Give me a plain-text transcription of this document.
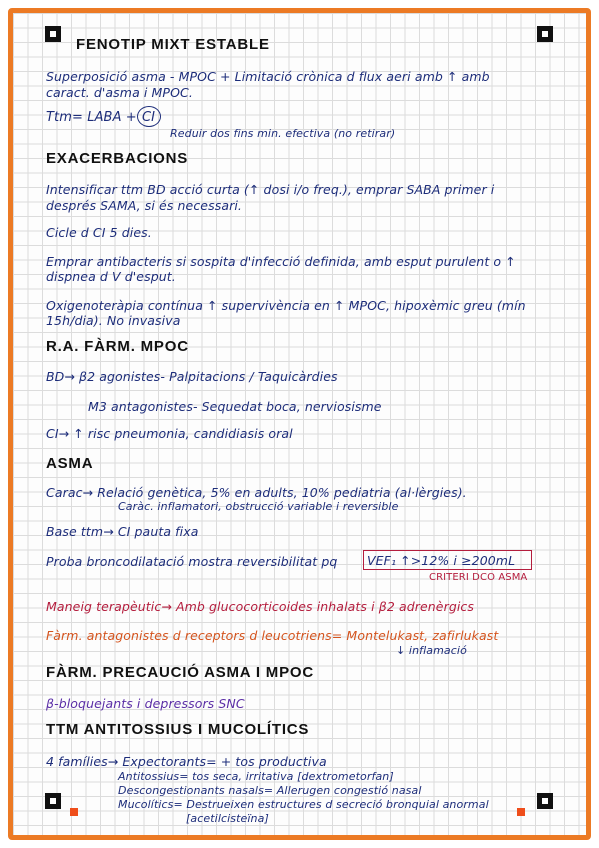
FENOTIP MIXT ESTABLE
Superposició asma - MPOC + Limitació crònica d flux aeri amb ↑ amb
caract. d'asma i MPOC.
Ttm= LABA + CI
Reduir dos fins min. efectiva (no retirar)
EXACERBACIONS
Intensificar ttm BD acció curta (↑ dosi i/o freq.), emprar SABA primer i
després SAMA, si és necessari.
Cicle d CI 5 dies.
Emprar antibacteris si sospita d'infecció definida, amb esput purulent o ↑
dispnea d V d'esput.
Oxigenoteràpia contínua ↑ supervivència en ↑ MPOC, hipoxèmic greu (mín
15h/dia). No invasiva
R.A. FÀRM. MPOC
BD→ β2 agonistes- Palpitacions / Taquicàrdies
M3 antagonistes- Sequedat boca, nerviosisme
CI→ ↑ risc pneumonia, candidiasis oral
ASMA
Carac→ Relació genètica, 5% en adults, 10% pediatria (al·lèrgies).
Caràc. inflamatori, obstrucció variable i reversible
Base ttm→ CI pauta fixa
Proba broncodilatació mostra reversibilitat pq VEF₁ ↑>12% i ≥200mL
CRITERI DCO ASMA
Maneig terapèutic→ Amb glucocorticoides inhalats i β2 adrenèrgics
Fàrm. antagonistes d receptors d leucotriens= Montelukast, zafirlukast
↓ inflamació
FÀRM. PRECAUCIÓ ASMA I MPOC
β-bloquejants i depressors SNC
TTM ANTITOSSIUS I MUCOLÍTICS
4 famílies→ Expectorants= + tos productiva
Antitossius= tos seca, irritativa [dextrometorfan]
Descongestionants nasals= Allerugen congestió nasal
Mucolítics= Destrueixen estructures d secreció bronquial anormal
[acetilcisteïna]
